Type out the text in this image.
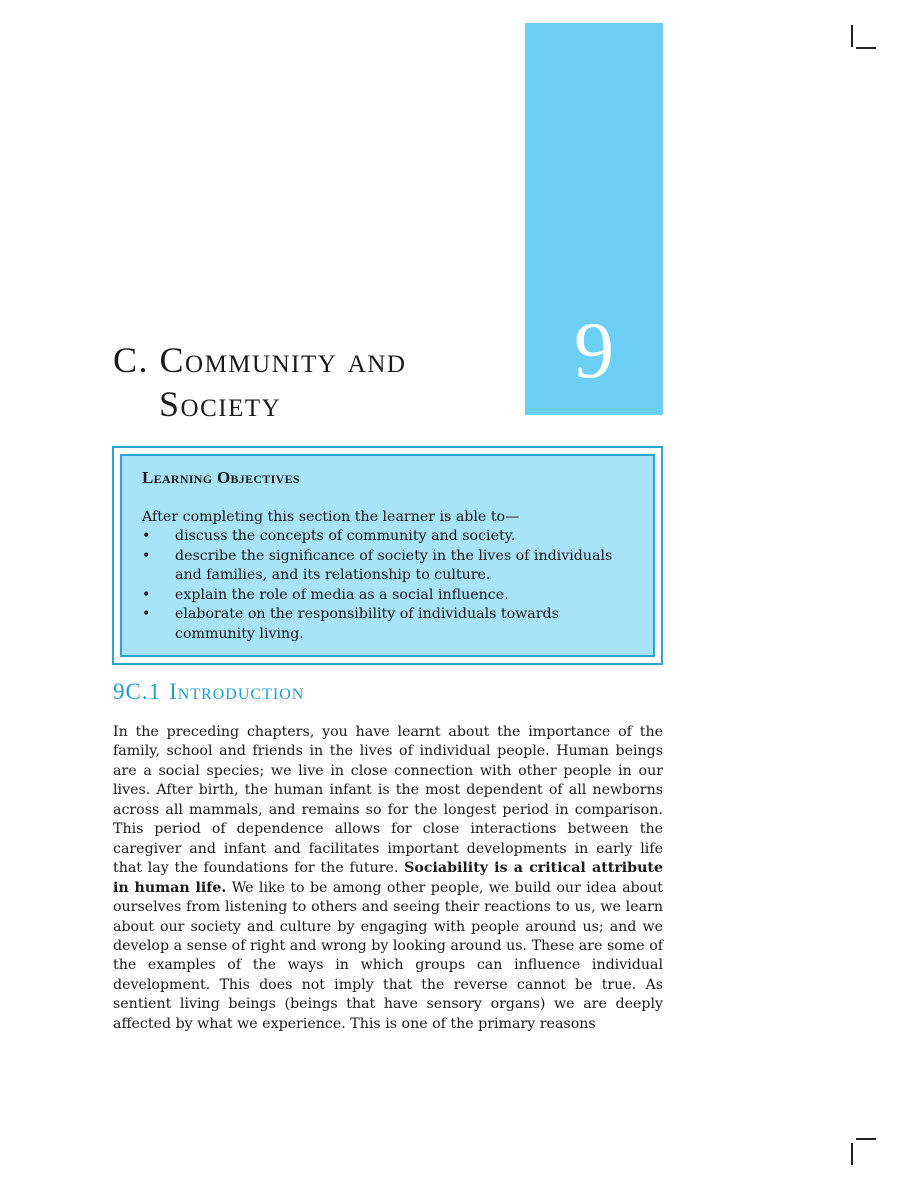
9
C. Community and
Society
Learning Objectives

After completing this section the learner is able to—

• discuss the concepts of community and society.
• describe the significance of society in the lives of individuals and families, and its relationship to culture.
• explain the role of media as a social influence.
• elaborate on the responsibility of individuals towards community living.
9C.1 Introduction

In the preceding chapters, you have learnt about the importance of the family, school and friends in the lives of individual people. Human beings are a social species; we live in close connection with other people in our lives. After birth, the human infant is the most dependent of all newborns across all mammals, and remains so for the longest period in comparison. This period of dependence allows for close interactions between the caregiver and infant and facilitates important developments in early life that lay the foundations for the future. Sociability is a critical attribute in human life. We like to be among other people, we build our idea about ourselves from listening to others and seeing their reactions to us, we learn about our society and culture by engaging with people around us; and we develop a sense of right and wrong by looking around us. These are some of the examples of the ways in which groups can influence individual development. This does not imply that the reverse cannot be true. As sentient living beings (beings that have sensory organs) we are deeply affected by what we experience. This is one of the primary reasons
